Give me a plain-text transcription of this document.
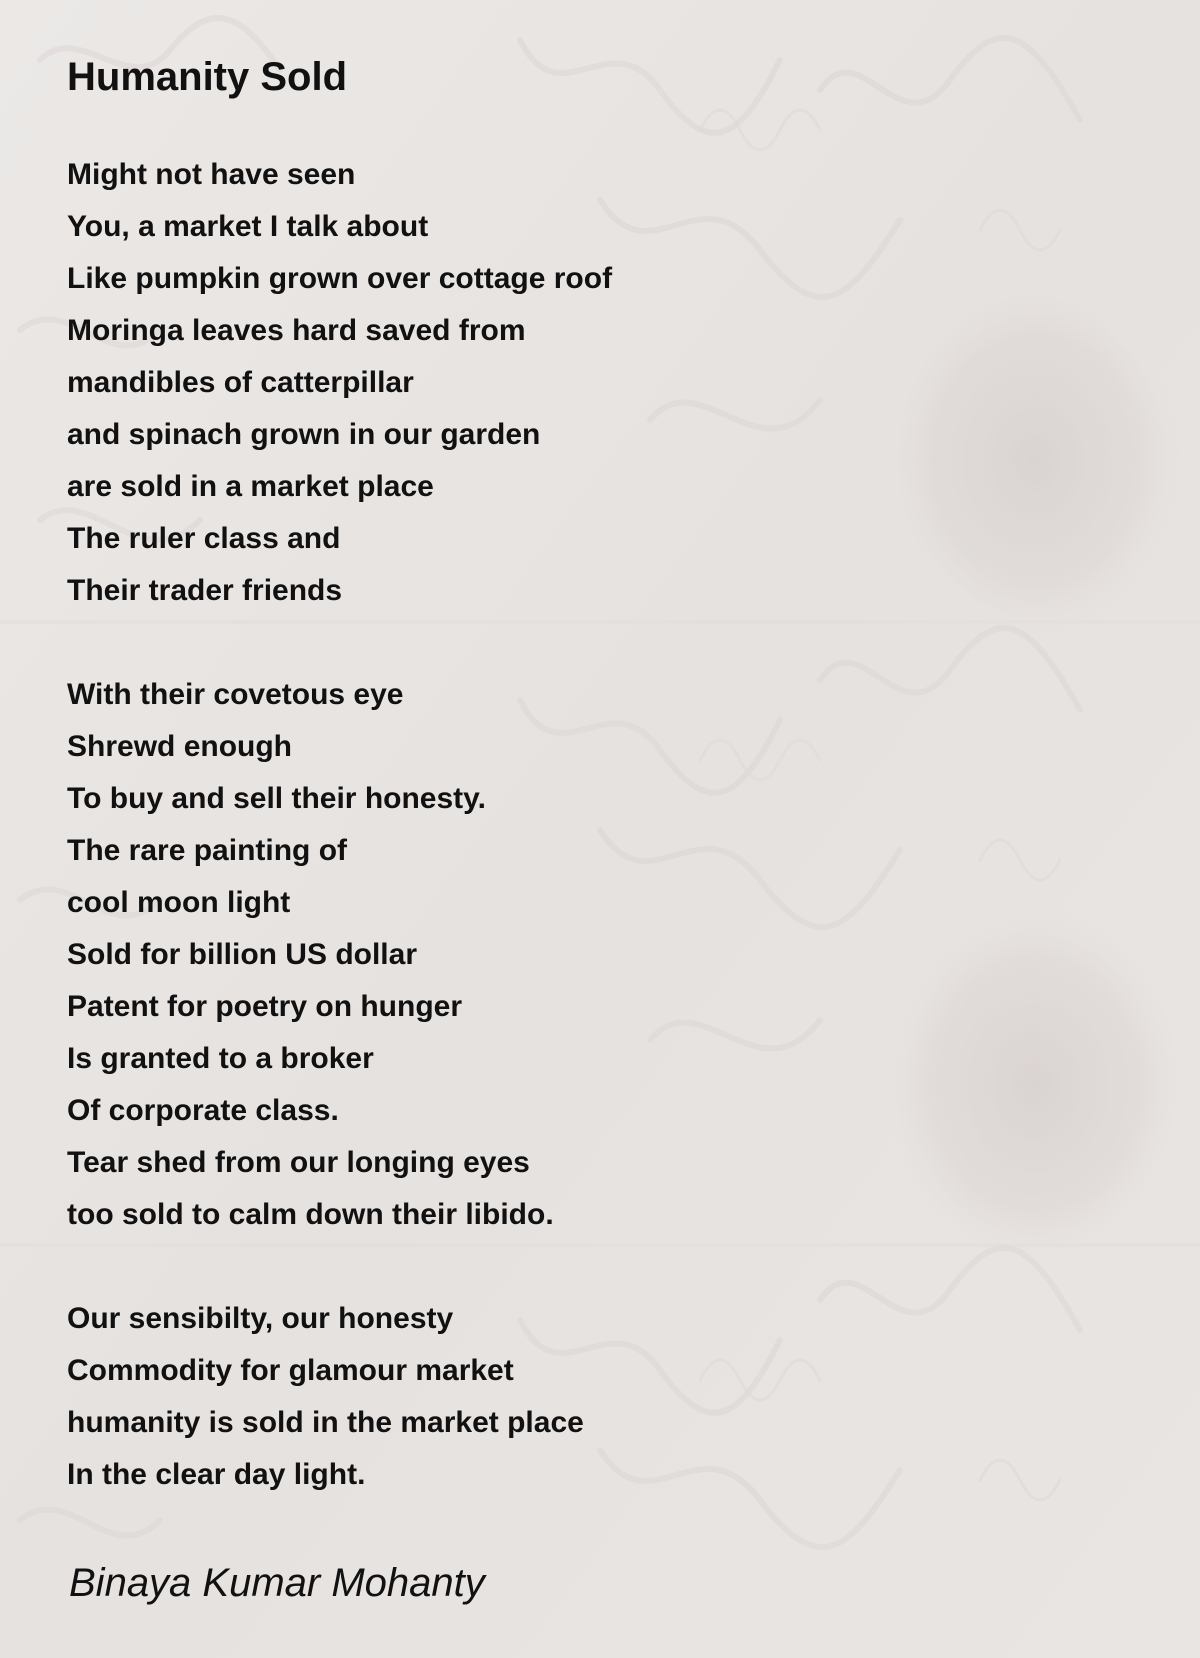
Humanity Sold
Might not have seen
You, a market I talk about
Like pumpkin grown over cottage roof
Moringa leaves hard saved from
mandibles of catterpillar
and spinach grown in our garden
are sold in a market place
The ruler class and
Their trader friends
With their covetous eye
Shrewd enough
To buy and sell their honesty.
The rare painting of
cool moon light
Sold for billion US dollar
Patent for poetry on hunger
Is granted to a broker
Of corporate class.
Tear shed from our longing eyes
too sold to calm down their libido.
Our sensibilty, our honesty
Commodity for glamour market
humanity is sold in the market place
In the clear day light.
Binaya Kumar Mohanty
